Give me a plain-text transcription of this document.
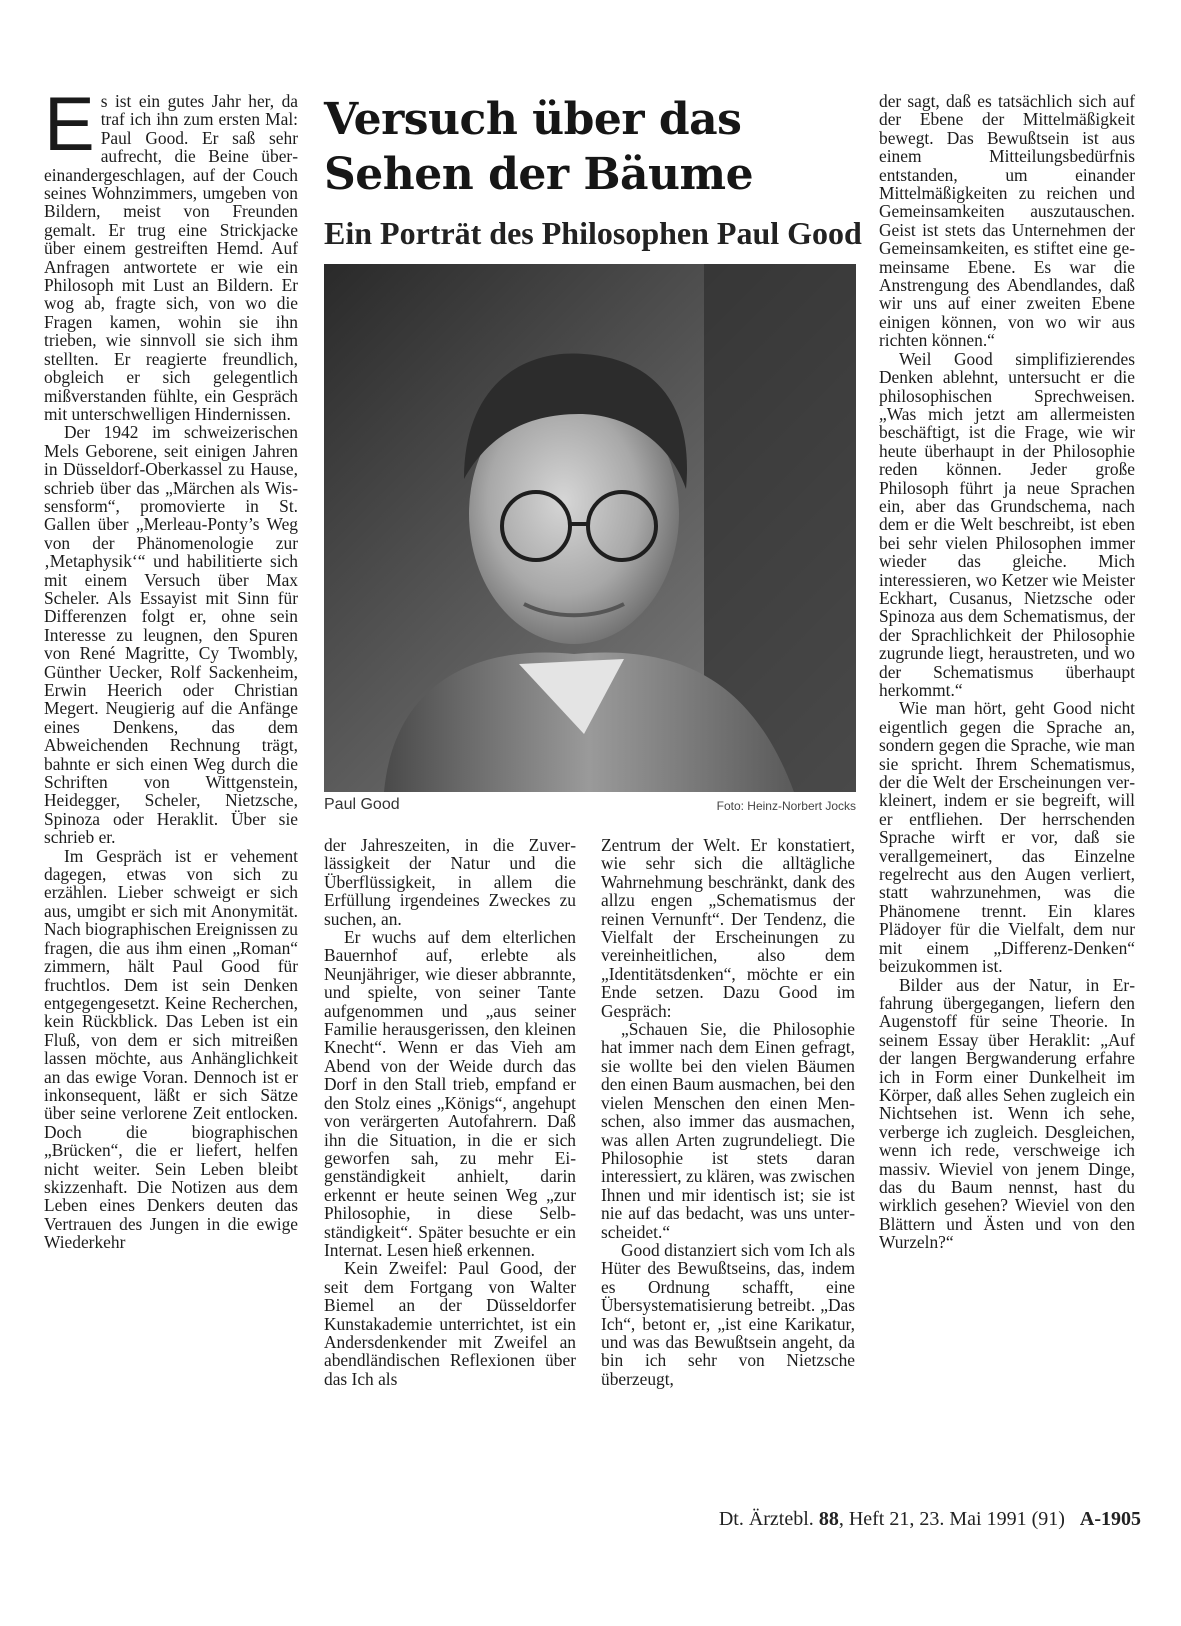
Versuch über das Sehen der Bäume
Ein Porträt des Philosophen Paul Good

Es ist ein gutes Jahr her, da traf ich ihn zum ersten Mal: Paul Good. Er saß sehr aufrecht, die Beine übereinandergeschlagen, auf der Couch seines Wohnzimmers, umgeben von Bildern, meist von Freunden gemalt. Er trug eine Strickjacke über einem gestreiften Hemd. Auf Anfragen antwortete er wie ein Philosoph mit Lust an Bildern. Er wog ab, fragte sich, von wo die Fragen kamen, wohin sie ihn trieben, wie sinnvoll sie sich ihm stellten. Er reagierte freundlich, obgleich er sich gelegentlich mißverstanden fühlte, ein Gespräch mit unterschwelligen Hindernissen.

Der 1942 im schweizerischen Mels Geborene, seit einigen Jahren in Düsseldorf-Oberkassel zu Hause, schrieb über das „Märchen als Wissensform“, promovierte in St. Gallen über „Merleau-Ponty’s Weg von der Phänomenologie zur ‚Metaphysik‘“ und habilitierte sich mit einem Versuch über Max Scheler. Als Essayist mit Sinn für Differenzen folgt er, ohne sein Interesse zu leugnen, den Spuren von René Magritte, Cy Twombly, Günther Uecker, Rolf Sackenheim, Erwin Heerich oder Christian Megert. Neugierig auf die Anfänge eines Denkens, das dem Abweichenden Rechnung trägt, bahnte er sich einen Weg durch die Schriften von Wittgenstein, Heidegger, Scheler, Nietzsche, Spinoza oder Heraklit. Über sie schrieb er.

Im Gespräch ist er vehement dagegen, etwas von sich zu erzählen. Lieber schweigt er sich aus, umgibt er sich mit Anonymität. Nach biographischen Ereignissen zu fragen, die aus ihm einen „Roman“ zimmern, hält Paul Good für fruchtlos. Dem ist sein Denken entgegengesetzt. Keine Recherchen, kein Rückblick. Das Leben ist ein Fluß, von dem er sich mitreißen lassen möchte, aus Anhänglichkeit an das ewige Voran. Dennoch ist er inkonsequent, läßt er sich Sätze über seine verlorene Zeit entlocken. Doch die biographischen „Brücken“, die er liefert, helfen nicht weiter. Sein Leben bleibt skizzenhaft. Die Notizen aus dem Leben eines Denkers deuten das Vertrauen des Jungen in die ewige Wiederkehr

Paul Good	Foto: Heinz-Norbert Jocks

der Jahreszeiten, in die Zuverlässigkeit der Natur und die Überflüssigkeit, in allem die Erfüllung irgendeines Zweckes zu suchen, an.

Er wuchs auf dem elterlichen Bauernhof auf, erlebte als Neunjähriger, wie dieser abbrannte, und spielte, von seiner Tante aufgenommen und „aus seiner Familie herausgerissen, den kleinen Knecht“. Wenn er das Vieh am Abend von der Weide durch das Dorf in den Stall trieb, empfand er den Stolz eines „Königs“, angehupt von verärgerten Autofahrern. Daß ihn die Situation, in die er sich geworfen sah, zu mehr Eigenständigkeit anhielt, darin erkennt er heute seinen Weg „zur Philosophie, in diese Selbständigkeit“. Später besuchte er ein Internat. Lesen hieß erkennen.

Kein Zweifel: Paul Good, der seit dem Fortgang von Walter Biemel an der Düsseldorfer Kunstakademie unterrichtet, ist ein Andersdenkender mit Zweifel an abendländischen Reflexionen über das Ich als

Zentrum der Welt. Er konstatiert, wie sehr sich die alltägliche Wahrnehmung beschränkt, dank des allzu engen „Schematismus der reinen Vernunft“. Der Tendenz, die Vielfalt der Erscheinungen zu vereinheitlichen, also dem „Identitätsdenken“, möchte er ein Ende setzen. Dazu Good im Gespräch:

„Schauen Sie, die Philosophie hat immer nach dem Einen gefragt, sie wollte bei den vielen Bäumen den einen Baum ausmachen, bei den vielen Menschen den einen Menschen, also immer das ausmachen, was allen Arten zugrundeliegt. Die Philosophie ist stets daran interessiert, zu klären, was zwischen Ihnen und mir identisch ist; sie ist nie auf das bedacht, was uns unterscheidet.“

Good distanziert sich vom Ich als Hüter des Bewußtseins, das, indem es Ordnung schafft, eine Übersystematisierung betreibt. „Das Ich“, betont er, „ist eine Karikatur, und was das Bewußtsein angeht, da bin ich sehr von Nietzsche überzeugt,

der sagt, daß es tatsächlich sich auf der Ebene der Mittelmäßigkeit bewegt. Das Bewußtsein ist aus einem Mitteilungsbedürfnis entstanden, um einander Mittelmäßigkeiten zu reichen und Gemeinsamkeiten auszutauschen. Geist ist stets das Unternehmen der Gemeinsamkeiten, es stiftet eine gemeinsame Ebene. Es war die Anstrengung des Abendlandes, daß wir uns auf einer zweiten Ebene einigen können, von wo wir aus richten können.“

Weil Good simplifizierendes Denken ablehnt, untersucht er die philosophischen Sprechweisen. „Was mich jetzt am allermeisten beschäftigt, ist die Frage, wie wir heute überhaupt in der Philosophie reden können. Jeder große Philosoph führt ja neue Sprachen ein, aber das Grundschema, nach dem er die Welt beschreibt, ist eben bei sehr vielen Philosophen immer wieder das gleiche. Mich interessieren, wo Ketzer wie Meister Eckhart, Cusanus, Nietzsche oder Spinoza aus dem Schematismus, der der Sprachlichkeit der Philosophie zugrunde liegt, heraustreten, und wo der Schematismus überhaupt herkommt.“

Wie man hört, geht Good nicht eigentlich gegen die Sprache an, sondern gegen die Sprache, wie man sie spricht. Ihrem Schematismus, der die Welt der Erscheinungen verkleinert, indem er sie begreift, will er entfliehen. Der herrschenden Sprache wirft er vor, daß sie verallgemeinert, das Einzelne regelrecht aus den Augen verliert, statt wahrzunehmen, was die Phänomene trennt. Ein klares Plädoyer für die Vielfalt, dem nur mit einem „Differenz-Denken“ beizukommen ist.

Bilder aus der Natur, in Erfahrung übergegangen, liefern den Augenstoff für seine Theorie. In seinem Essay über Heraklit: „Auf der langen Bergwanderung erfahre ich in Form einer Dunkelheit im Körper, daß alles Sehen zugleich ein Nichtsehen ist. Wenn ich sehe, verberge ich zugleich. Desgleichen, wenn ich rede, verschweige ich massiv. Wieviel von jenem Dinge, das du Baum nennst, hast du wirklich gesehen? Wieviel von den Blättern und Ästen und von den Wurzeln?“

Dt. Ärztebl. 88, Heft 21, 23. Mai 1991 (91) A-1905
